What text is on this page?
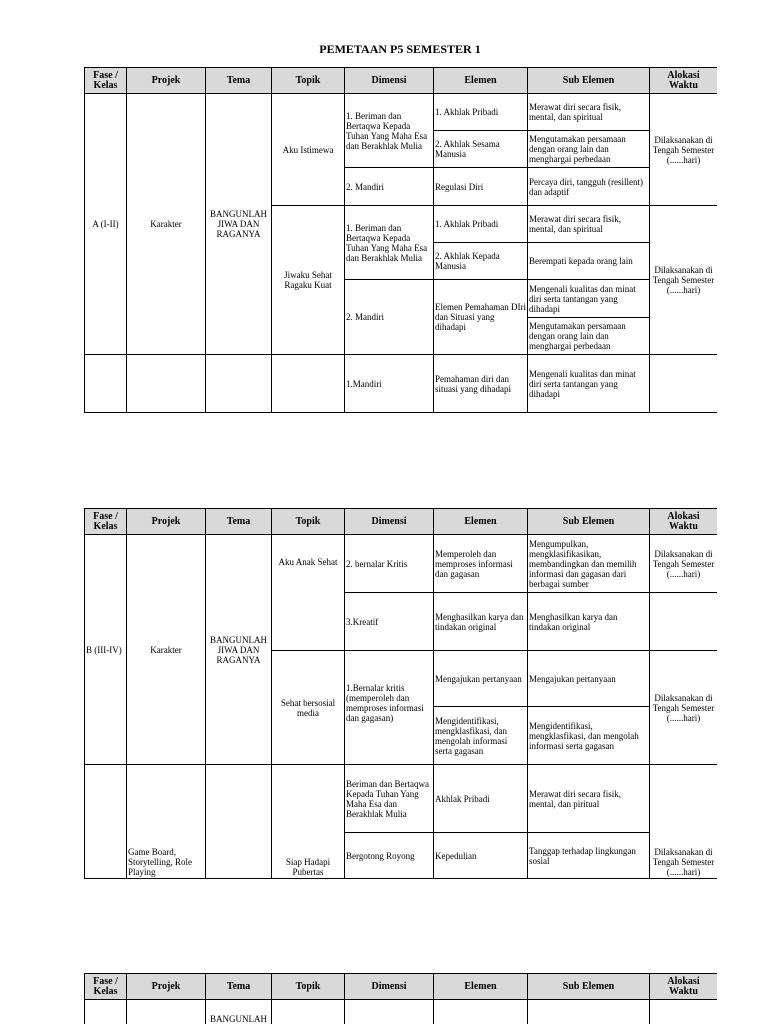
PEMETAAN P5 SEMESTER 1
Fase / Kelas	Projek	Tema	Topik	Dimensi	Elemen	Sub Elemen	Alokasi Waktu
A (I-II)	Karakter	BANGUNLAH JIWA DAN RAGANYA	Aku Istimewa	1. Beriman dan Bertaqwa Kepada Tuhan Yang Maha Esa dan Berakhlak Mulia	1. Akhlak Pribadi	Merawat diri secara fisik, mental, dan spiritual	Dilaksanakan di Tengah Semester (......hari)
					2. Akhlak Sesama Manusia	Mengutamakan persamaan dengan orang lain dan menghargai perbedaan	
				2. Mandiri	Regulasi Diri	Percaya diri, tangguh (resillent) dan adaptif	
			Jiwaku Sehat Ragaku Kuat	1. Beriman dan Bertaqwa Kepada Tuhan Yang Maha Esa dan Berakhlak Mulia	1. Akhlak Pribadi	Merawat diri secara fisik, mental, dan spiritual	Dilaksanakan di Tengah Semester (......hari)
					2. Akhlak Kepada Manusia	Berempati kepada orang lain	
				2. Mandiri	Elemen Pemahaman DIri dan Situasi yang dihadapi	Mengenali kualitas dan minat diri serta tantangan yang dihadapi	
						Mengutamakan persamaan dengan orang lain dan menghargai perbedaan	
				1.Mandiri	Pemahaman diri dan situasi yang dihadapi	Mengenali kualitas dan minat diri serta tantangan yang dihadapi	
Fase / Kelas	Projek	Tema	Topik	Dimensi	Elemen	Sub Elemen	Alokasi Waktu
B (III-IV)	Karakter	BANGUNLAH JIWA DAN RAGANYA	Aku Anak Sehat	2. bernalar Kritis	Memperoleh dan memproses informasi dan gagasan	Mengumpulkan, mengklasifikasikan, membandingkan dan memilih informasi dan gagasan dari berbagai sumber	Dilaksanakan di Tengah Semester (......hari)
				3.Kreatif	Menghasilkan karya dan tindakan original	Menghasilkan karya dan tindakan original	
			Sehat bersosial media	1.Bernalar kritis (memperoleh dan memproses informasi dan gagasan)	Mengajukan pertanyaan	Mengajukan pertanyaan	Dilaksanakan di Tengah Semester (......hari)
					Mengidentifikasi, mengklasfikasi, dan mengolah informasi serta gagasan	Mengidentifikasi, mengklasfikasi, dan mengolah informasi serta gagasan	
	Game Board, Storytelling, Role Playing		Siap Hadapi Pubertas	Beriman dan Bertaqwa Kepada Tuhan Yang Maha Esa dan Berakhlak Mulia	Akhlak Pribadi	Merawat diri secara fisik, mental, dan piritual	Dilaksanakan di Tengah Semester (......hari)
				Bergotong Royong	Kepedulian	Tanggap terhadap lingkungan sosial	
Fase / Kelas	Projek	Tema	Topik	Dimensi	Elemen	Sub Elemen	Alokasi Waktu
		BANGUNLAH					
